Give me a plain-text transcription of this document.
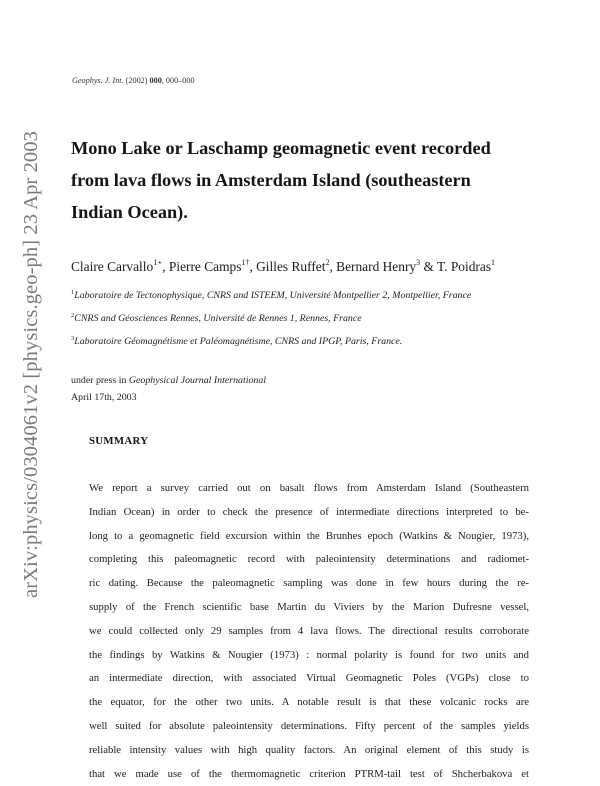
arXiv:physics/0304061v2 [physics.geo-ph] 23 Apr 2003
Geophys. J. Int. (2002) 000, 000–000
Mono Lake or Laschamp geomagnetic event recorded
from lava flows in Amsterdam Island (southeastern
Indian Ocean).
Claire Carvallo$^{1⋆}$, Pierre Camps$^{1\dagger}$, Gilles Ruffet$^2$, Bernard Henry$^3$ & T. Poidras$^1$
$^1$Laboratoire de Tectonophysique, CNRS and ISTEEM, Université Montpellier 2, Montpellier, France
$^2$CNRS and Géosciences Rennes, Université de Rennes 1, Rennes, France
$^3$Laboratoire Géomagnétisme et Paléomagnétisme, CNRS and IPGP, Paris, France.
under press in Geophysical Journal International
April 17th, 2003
SUMMARY
We report a survey carried out on basalt flows from Amsterdam Island (Southeastern
Indian Ocean) in order to check the presence of intermediate directions interpreted to be-
long to a geomagnetic field excursion within the Brunhes epoch (Watkins & Nougier, 1973),
completing this paleomagnetic record with paleointensity determinations and radiomet-
ric dating. Because the paleomagnetic sampling was done in few hours during the re-
supply of the French scientific base Martin du Viviers by the Marion Dufresne vessel,
we could collected only 29 samples from 4 lava flows. The directional results corroborate
the findings by Watkins & Nougier (1973) : normal polarity is found for two units and
an intermediate direction, with associated Virtual Geomagnetic Poles (VGPs) close to
the equator, for the other two units. A notable result is that these volcanic rocks are
well suited for absolute paleointensity determinations. Fifty percent of the samples yields
reliable intensity values with high quality factors. An original element of this study is
that we made use of the thermomagnetic criterion PTRM-tail test of Shcherbakova et
